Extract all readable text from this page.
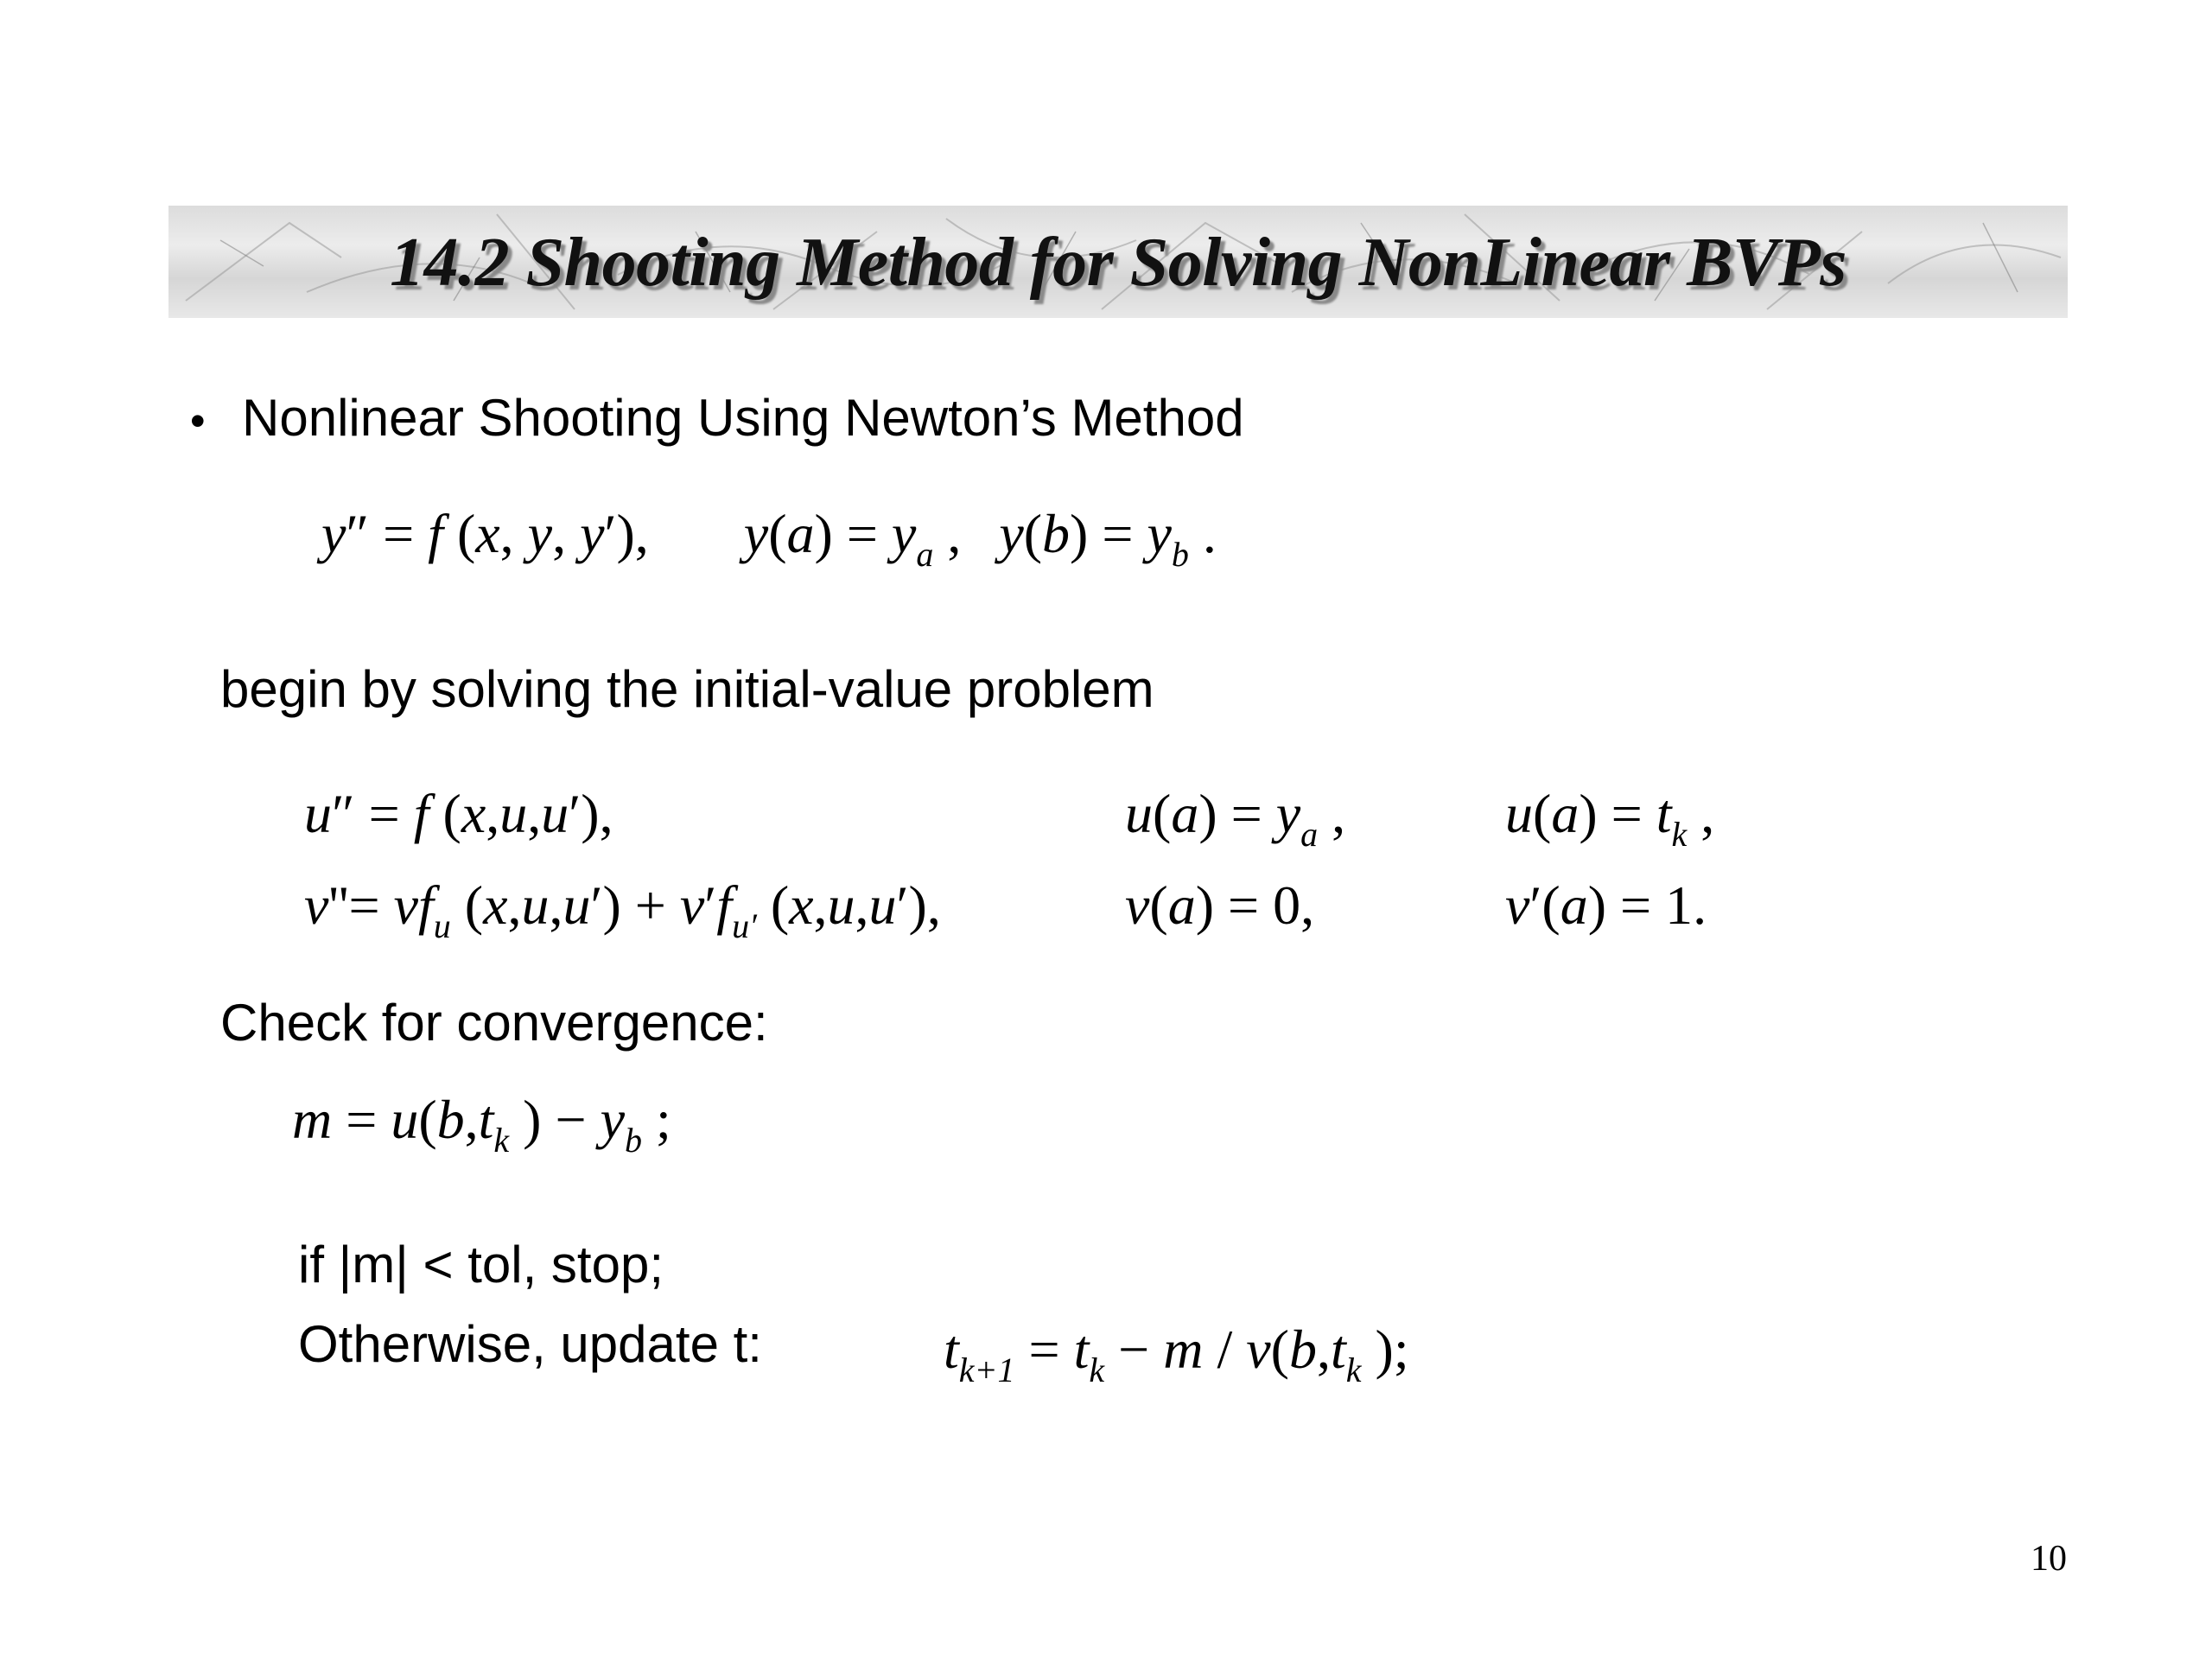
14.2 Shooting Method for Solving NonLinear BVPs
• Nonlinear Shooting Using Newton’s Method
y″ = f (x, y, y′), $y(a) = y_a$ , $y(b) = y_b$ .
begin by solving the initial-value problem
u″ = f (x,u,u′),	$u(a) = y_a$ ,	$u(a) = t_k$ ,
$v''= vf_u$ $(x,u,u') + v'f_{u'}$ (x,u,u′),	v(a) = 0,	v′(a) = 1.
Check for convergence:
$m = u(b,t_k$ ) − $y_b$ ;
if |m| < tol, stop;
Otherwise, update t:	$t_{k+1} = t_k - m / v(b,t_k$ );
10
